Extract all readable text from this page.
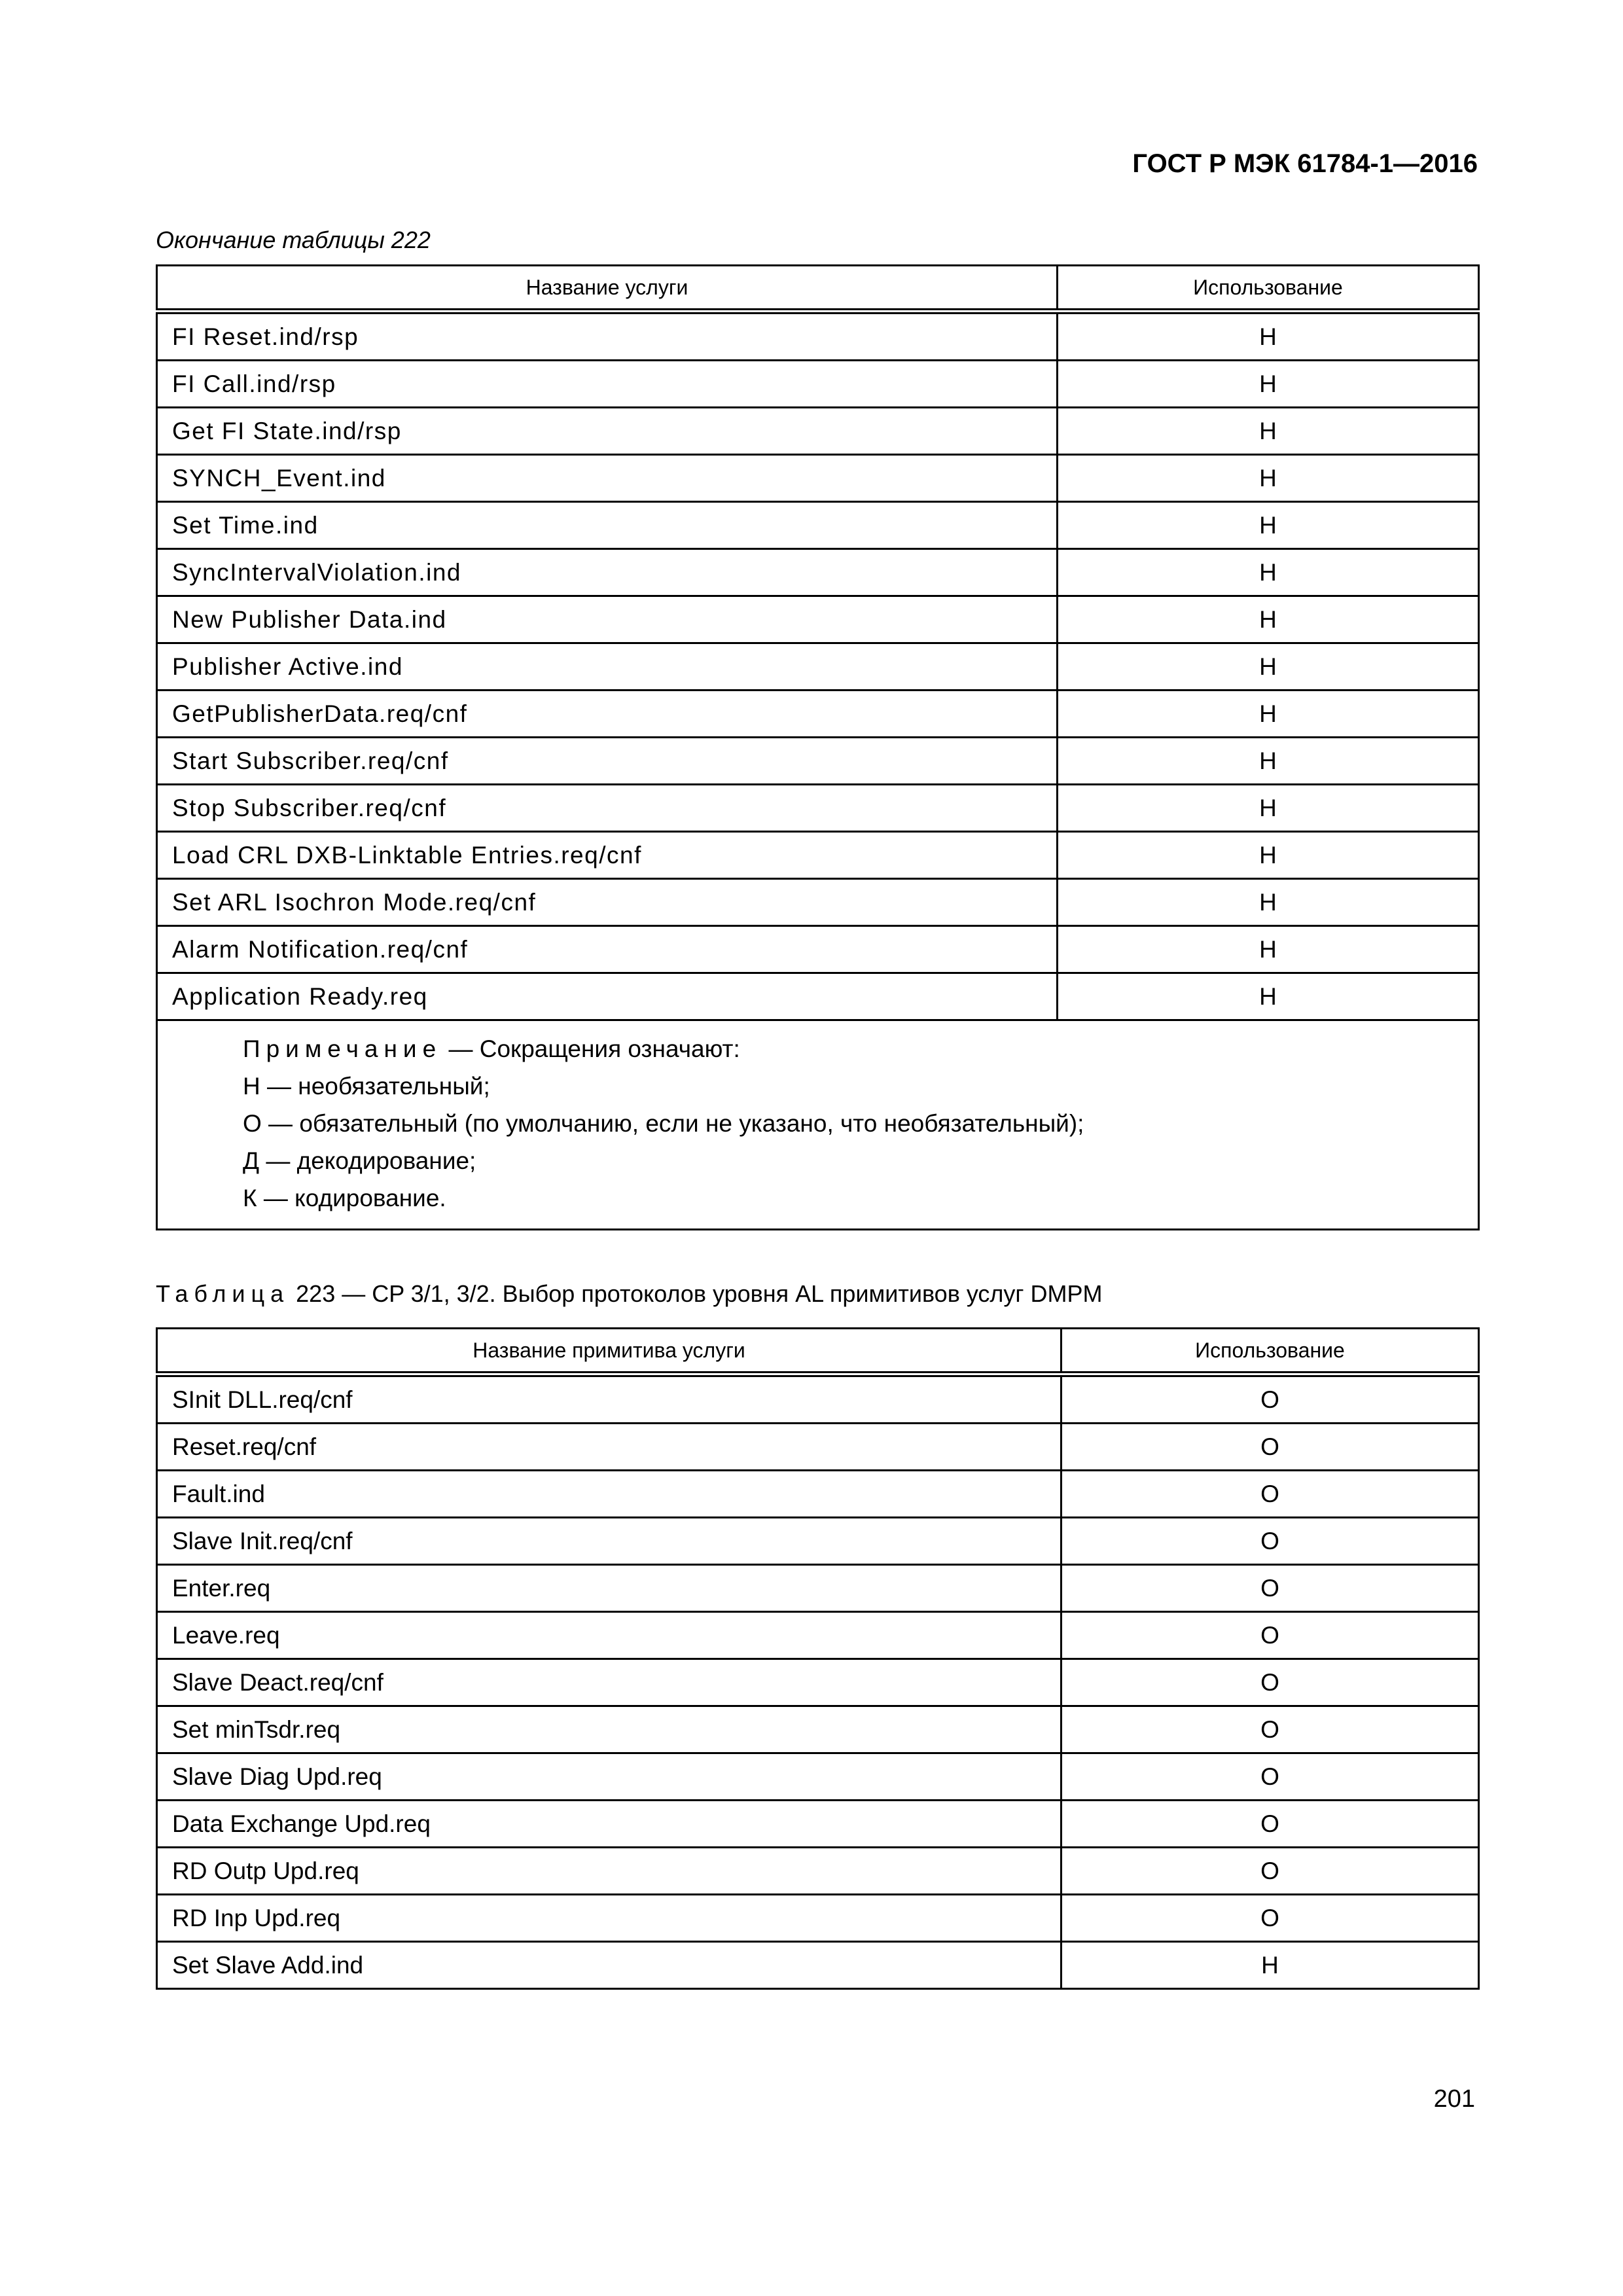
ГОСТ Р МЭК 61784-1—2016
Окончание таблицы 222
Название услуги	Использование
FI Reset.ind/rsp	Н
FI Call.ind/rsp	Н
Get FI State.ind/rsp	Н
SYNCH_Event.ind	Н
Set Time.ind	Н
SyncIntervalViolation.ind	Н
New Publisher Data.ind	Н
Publisher Active.ind	Н
GetPublisherData.req/cnf	Н
Start Subscriber.req/cnf	Н
Stop Subscriber.req/cnf	Н
Load CRL DXB-Linktable Entries.req/cnf	Н
Set ARL Isochron Mode.req/cnf	Н
Alarm Notification.req/cnf	Н
Application Ready.req	Н

Примечание — Сокращения означают:
Н — необязательный;
О — обязательный (по умолчанию, если не указано, что необязательный);
Д — декодирование;
К — кодирование.	
Таблица 223 — CP 3/1, 3/2. Выбор протоколов уровня AL примитивов услуг DMPM
Название примитива услуги	Использование
SInit DLL.req/cnf	О
Reset.req/cnf	О
Fault.ind	О
Slave Init.req/cnf	О
Enter.req	О
Leave.req	О
Slave Deact.req/cnf	О
Set minTsdr.req	О
Slave Diag Upd.req	О
Data Exchange Upd.req	О
RD Outp Upd.req	О
RD Inp Upd.req	О
Set Slave Add.ind	Н
201
